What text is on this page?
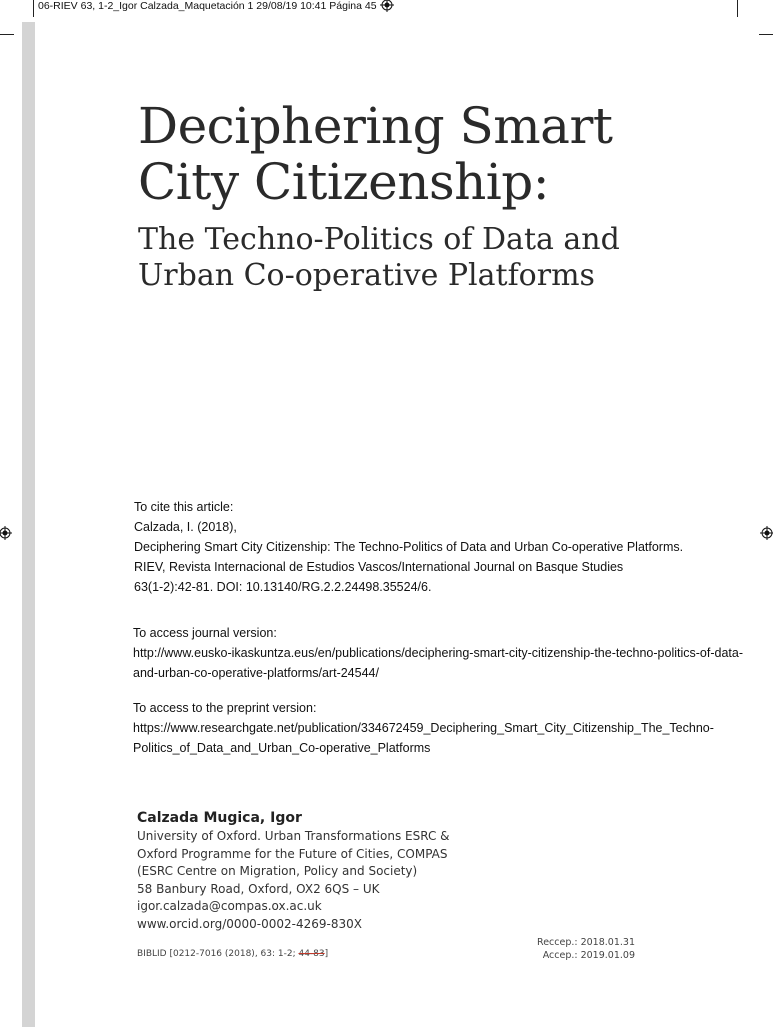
06-RIEV 63, 1-2_Igor Calzada_Maquetación 1 29/08/19 10:41 Página 45
Deciphering Smart
City Citizenship:
The Techno-Politics of Data and
Urban Co-operative Platforms
To cite this article:
Calzada, I. (2018),
Deciphering Smart City Citizenship: The Techno-Politics of Data and Urban Co-operative Platforms.
RIEV, Revista Internacional de Estudios Vascos/International Journal on Basque Studies
63(1-2):42-81. DOI: 10.13140/RG.2.2.24498.35524/6.
To access journal version:
http://www.eusko-ikaskuntza.eus/en/publications/deciphering-smart-city-citizenship-the-techno-politics-of-data-
and-urban-co-operative-platforms/art-24544/
To access to the preprint version:
https://www.researchgate.net/publication/334672459_Deciphering_Smart_City_Citizenship_The_Techno-
Politics_of_Data_and_Urban_Co-operative_Platforms
Calzada Mugica, Igor
University of Oxford. Urban Transformations ESRC &
Oxford Programme for the Future of Cities, COMPAS
(ESRC Centre on Migration, Policy and Society)
58 Banbury Road, Oxford, OX2 6QS – UK
igor.calzada@compas.ox.ac.uk
www.orcid.org/0000-0002-4269-830X
BIBLID [0212-7016 (2018), 63: 1-2; 44-83]
Reccep.: 2018.01.31
Accep.: 2019.01.09
